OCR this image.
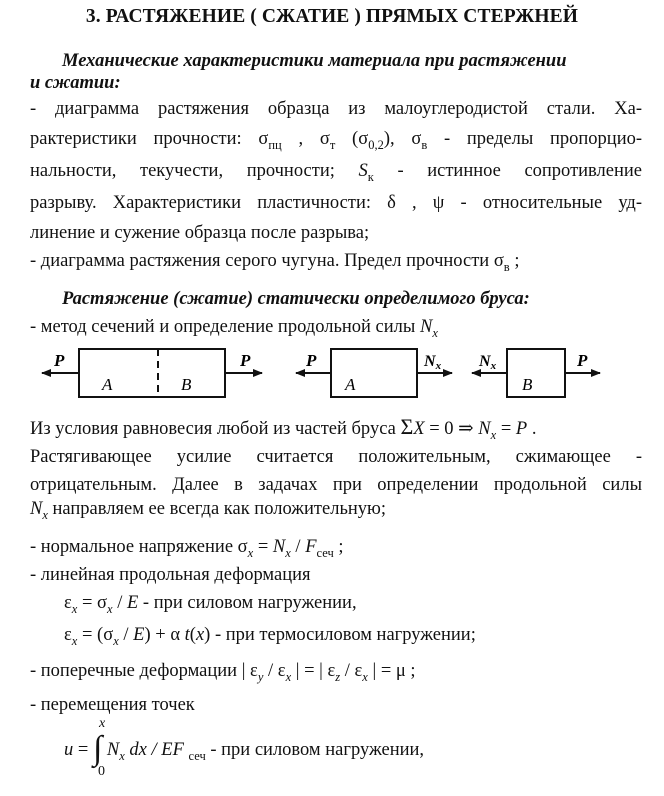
3. РАСТЯЖЕНИЕ ( СЖАТИЕ ) ПРЯМЫХ СТЕРЖНЕЙ
Механические характеристики материала при растяжении
и сжатии:
- диаграмма растяжения образца из малоуглеродистой стали. Ха-
рактеристики прочности: $\sigma_{пц}$ , $\sigma_т$ $(\sigma_{0,2})$, $\sigma_в$ - пределы пропорцио-
нальности, текучести, прочности; $S_к$ - истинное сопротивление
разрыву. Характеристики пластичности: δ , ψ - относительные уд-
линение и сужение образца после разрыва;
- диаграмма растяжения серого чугуна. Предел прочности $\sigma_в$ ;
Растяжение (сжатие) статически определимого бруса:
- метод сечений и определение продольной силы $N_x$
P	P
A	B
P
A
Nx Nx
B
P
Из условия равновесия любой из частей бруса ΣX = 0 ⇒ $N_x = P$ .
Растягивающее усилие считается положительным, сжимающее -
отрицательным. Далее в задачах при определении продольной силы
$N_x$ направляем ее всегда как положительную;
- нормальное напряжение $\sigma_x = N_x / F_{сеч}$ ;
- линейная продольная деформация
$\varepsilon_x = \sigma_x / E$ - при силовом нагружении,
$\varepsilon_x = (\sigma_x / E) + \alpha$ t(x) - при термосиловом нагружении;
- поперечные деформации | $\varepsilon_y / \varepsilon_x$ | = | $\varepsilon_z / \varepsilon_x$ | = μ ;
- перемещения точек
x
u = ∫ $N_x$ dx / EF $_{сеч}$ - при силовом нагружении,
0
